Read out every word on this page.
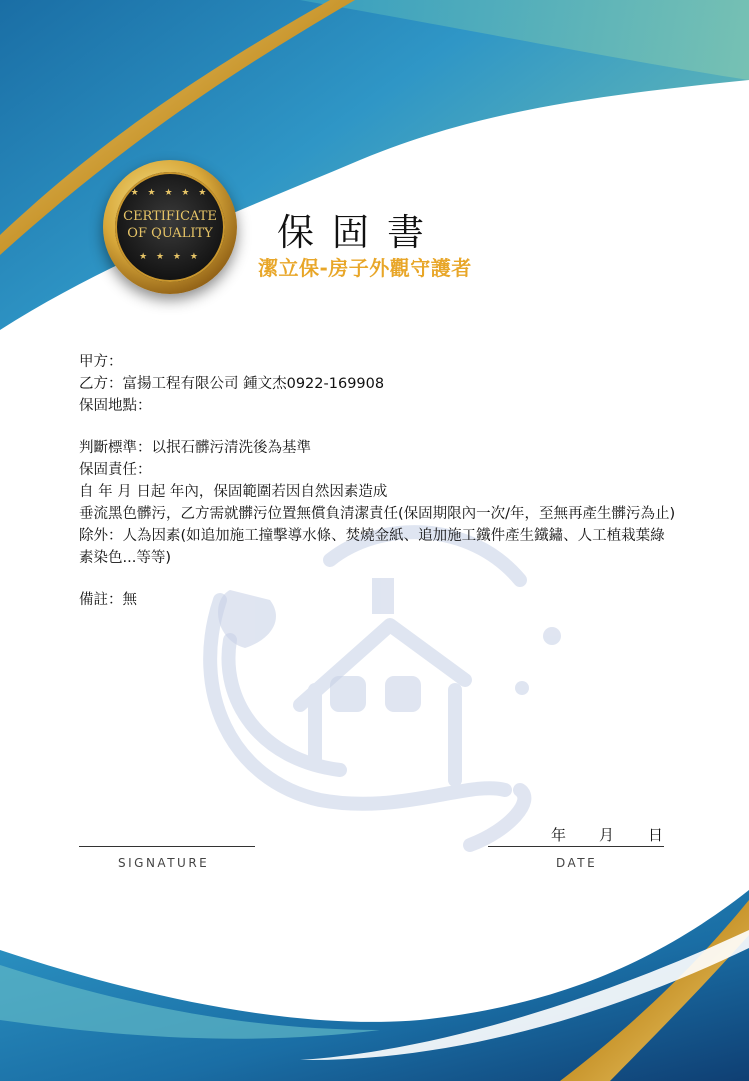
★ ★ ★ ★ ★
CERTIFICATE
OF QUALITY
★ ★ ★ ★
保固書
潔立保-房子外觀守護者

甲方：

乙方：富揚工程有限公司 鍾文杰0922-169908

保固地點：

判斷標準：以抿石髒污清洗後為基準

保固責任：

自 年 月 日起 年內，保固範圍若因自然因素造成

垂流黑色髒污，乙方需就髒污位置無償負清潔責任(保固期限內一次/年，至無再產生髒污為止)

除外：人為因素(如追加施工撞擊導水條、焚燒金紙、追加施工鐵件產生鐵鏽、人工植栽葉綠素染色...等等)

備註：無

年 月 日
SIGNATURE	DATE
